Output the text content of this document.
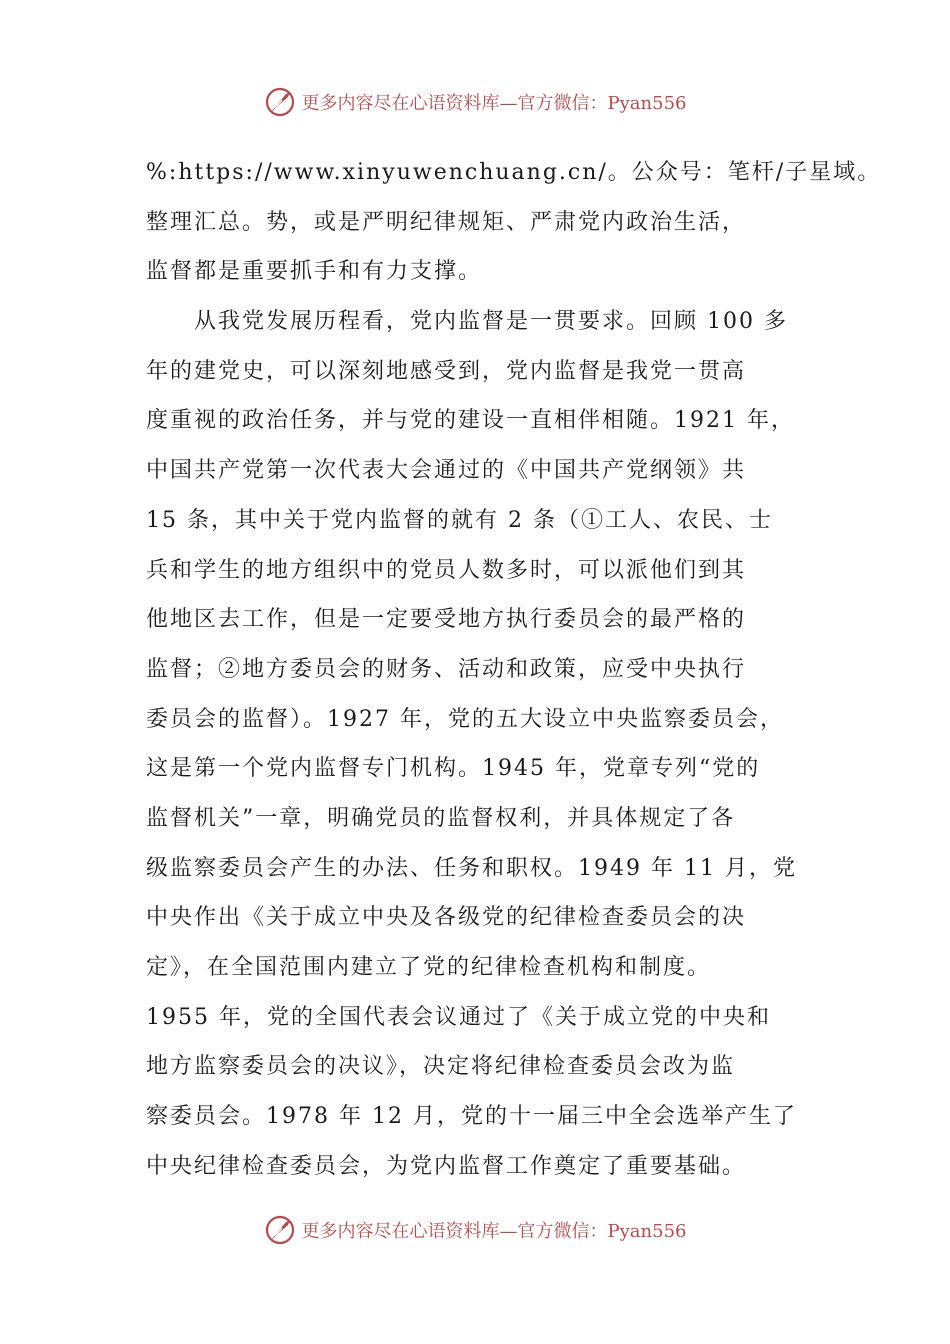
更多内容尽在心语资料库—官方微信：Pyan556
%:https://www.xinyuwenchuang.cn/。公众号：笔杆/子星域。
整理汇总。势，或是严明纪律规矩、严肃党内政治生活，
监督都是重要抓手和有力支撑。
　　从我党发展历程看，党内监督是一贯要求。回顾 100 多
年的建党史，可以深刻地感受到，党内监督是我党一贯高
度重视的政治任务，并与党的建设一直相伴相随。1921 年，
中国共产党第一次代表大会通过的《中国共产党纲领》共
15 条，其中关于党内监督的就有 2 条（①工人、农民、士
兵和学生的地方组织中的党员人数多时，可以派他们到其
他地区去工作，但是一定要受地方执行委员会的最严格的
监督；②地方委员会的财务、活动和政策，应受中央执行
委员会的监督）。1927 年，党的五大设立中央监察委员会，
这是第一个党内监督专门机构。1945 年，党章专列“党的
监督机关”一章，明确党员的监督权利，并具体规定了各
级监察委员会产生的办法、任务和职权。1949 年 11 月，党
中央作出《关于成立中央及各级党的纪律检查委员会的决
定》，在全国范围内建立了党的纪律检查机构和制度。
1955 年，党的全国代表会议通过了《关于成立党的中央和
地方监察委员会的决议》，决定将纪律检查委员会改为监
察委员会。1978 年 12 月，党的十一届三中全会选举产生了
中央纪律检查委员会，为党内监督工作奠定了重要基础。
更多内容尽在心语资料库—官方微信：Pyan556
